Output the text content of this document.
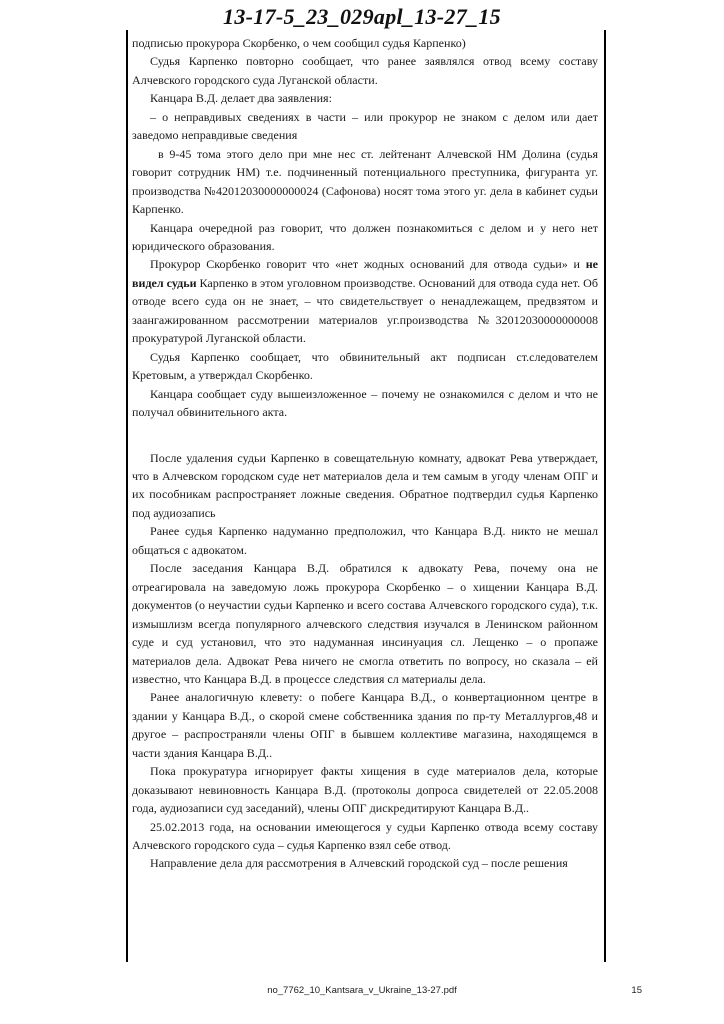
13-17-5_23_029apl_13-27_15

подписью прокурора Скорбенко, о чем сообщил судья Карпенко)

Судья Карпенко повторно сообщает, что ранее заявлялся отвод всему составу Алчевского городского суда Луганской области.

Канцара В.Д. делает два заявления:

– о неправдивых сведениях в части – или прокурор не знаком с делом или дает заведомо неправдивые сведения

в 9-45 тома этого дело при мне нес ст. лейтенант Алчевской НМ Долина (судья говорит сотрудник НМ) т.е. подчиненный потенциального преступника, фигуранта уг. производства №42012030000000024 (Сафонова) носят тома этого уг. дела в кабинет судьи Карпенко.

Канцара очередной раз говорит, что должен познакомиться с делом и у него нет юридического образования.

Прокурор Скорбенко говорит что «нет жодных оснований для отвода судьи» и не видел судьи Карпенко в этом уголовном производстве. Оснований для отвода суда нет. Об отводе всего суда он не знает, – что свидетельствует о ненадлежащем, предвзятом и заангажированном рассмотрении материалов уг.производства №32012030000000008 прокуратурой Луганской области.

Судья Карпенко сообщает, что обвинительный акт подписан ст.следователем Кретовым, а утверждал Скорбенко.

Канцара сообщает суду вышеизложенное – почему не ознакомился с делом и что не получал обвинительного акта.

После удаления судьи Карпенко в совещательную комнату, адвокат Рева утверждает, что в Алчевском городском суде нет материалов дела и тем самым в угоду членам ОПГ и их пособникам распространяет ложные сведения. Обратное подтвердил судья Карпенко под аудиозапись

Ранее судья Карпенко надуманно предположил, что Канцара В.Д. никто не мешал общаться с адвокатом.

После заседания Канцара В.Д. обратился к адвокату Рева, почему она не отреагировала на заведомую ложь прокурора Скорбенко – о хищении Канцара В.Д. документов (о неучастии судьи Карпенко и всего состава Алчевского городского суда), т.к. измышлизм всегда популярного алчевского следствия изучался в Ленинском районном суде и суд установил, что это надуманная инсинуация сл. Лещенко – о пропаже материалов дела. Адвокат Рева ничего не смогла ответить по вопросу, но сказала – ей известно, что Канцара В.Д. в процессе следствия сл материалы дела.

Ранее аналогичную клевету: о побеге Канцара В.Д., о конвертационном центре в здании у Канцара В.Д., о скорой смене собственника здания по пр-ту Металлургов,48 и другое – распространяли члены ОПГ в бывшем коллективе магазина, находящемся в части здания Канцара В.Д..

Пока прокуратура игнорирует факты хищения в суде материалов дела, которые доказывают невиновность Канцара В.Д. (протоколы допроса свидетелей от 22.05.2008 года, аудиозаписи суд заседаний), члены ОПГ дискредитируют Канцара В.Д..

25.02.2013 года, на основании имеющегося у судьи Карпенко отвода всему составу Алчевского городского суда – судья Карпенко взял себе отвод.

Направление дела для рассмотрения в Алчевский городской суд – после решения

no_7762_10_Kantsara_v_Ukraine_13-27.pdf	15
